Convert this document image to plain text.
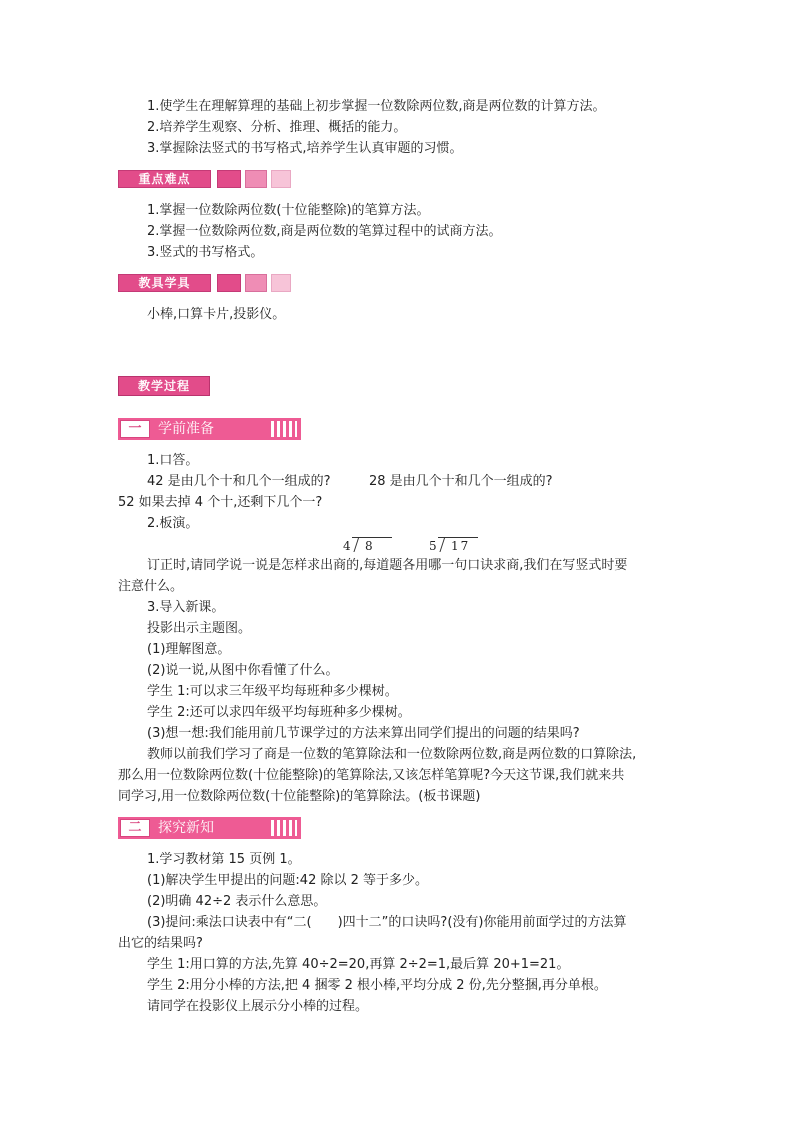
1.使学生在理解算理的基础上初步掌握一位数除两位数,商是两位数的计算方法。
2.培养学生观察、分析、推理、概括的能力。
3.掌握除法竖式的书写格式,培养学生认真审题的习惯。
重点难点
1.掌握一位数除两位数(十位能整除)的笔算方法。
2.掌握一位数除两位数,商是两位数的笔算过程中的试商方法。
3.竖式的书写格式。
教具学具
小棒,口算卡片,投影仪。
教学过程
一	学前准备
1.口答。
42 是由几个十和几个一组成的?	28 是由几个十和几个一组成的?
52 如果去掉 4 个十,还剩下几个一?
2.板演。
4 8	5 17
订正时,请同学说一说是怎样求出商的,每道题各用哪一句口诀求商,我们在写竖式时要
注意什么。
3.导入新课。
投影出示主题图。
(1)理解图意。
(2)说一说,从图中你看懂了什么。
学生 1:可以求三年级平均每班种多少棵树。
学生 2:还可以求四年级平均每班种多少棵树。
(3)想一想:我们能用前几节课学过的方法来算出同学们提出的问题的结果吗?
教师以前我们学习了商是一位数的笔算除法和一位数除两位数,商是两位数的口算除法,
那么用一位数除两位数(十位能整除)的笔算除法,又该怎样笔算呢?今天这节课,我们就来共
同学习,用一位数除两位数(十位能整除)的笔算除法。(板书课题)
二	探究新知
1.学习教材第 15 页例 1。
(1)解决学生甲提出的问题:42 除以 2 等于多少。
(2)明确 42÷2 表示什么意思。
(3)提问:乘法口诀表中有“二( )四十二”的口诀吗?(没有)你能用前面学过的方法算
出它的结果吗?
学生 1:用口算的方法,先算 40÷2=20,再算 2÷2=1,最后算 20+1=21。
学生 2:用分小棒的方法,把 4 捆零 2 根小棒,平均分成 2 份,先分整捆,再分单根。
请同学在投影仪上展示分小棒的过程。
